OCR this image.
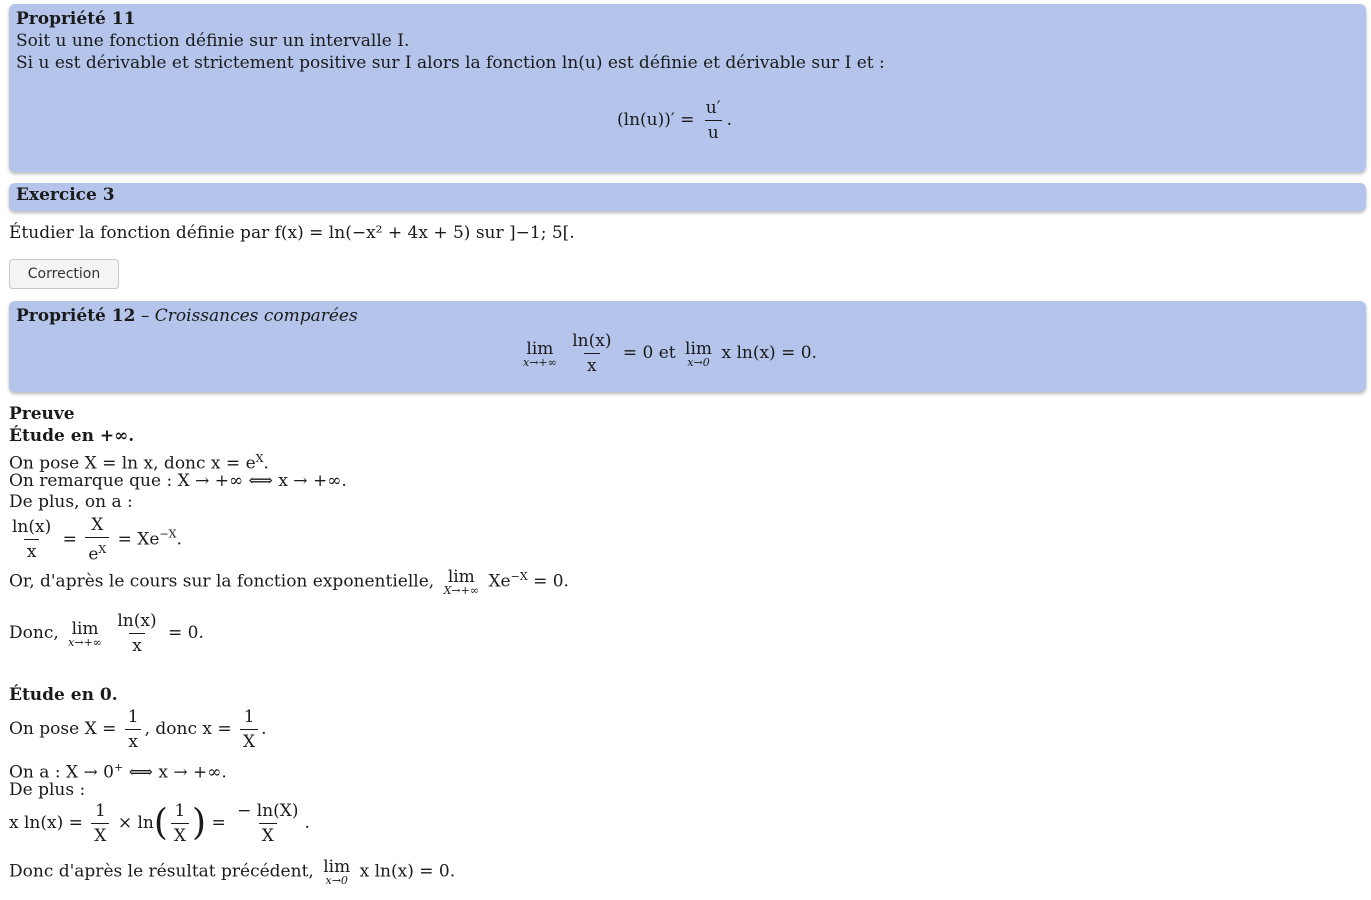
Propriété 11
Soit u une fonction définie sur un intervalle I.
Si u est dérivable et strictement positive sur I alors la fonction ln(u) est définie et dérivable sur I et :
$(\ln(u))' = \frac{u'}{u}$ .
Exercice 3
Étudier la fonction définie par f(x) = ln(−x² + 4x + 5) sur ]−1; 5[.
Correction
Propriété 12 – Croissances comparées
lim
x→+∞
$\frac{\ln(x)}{x} = 0$ et lim
x→0 x ln(x) = 0.
Preuve
Étude en +∞.
On pose X = ln x, donc $x = e^X$.
On remarque que : X → +∞ ⟺ x → +∞.
De plus, on a :
$\frac{\ln(x)}{x} = \frac{X}{e^X} = Xe^{-X}$.
Or, d'après le cours sur la fonction exponentielle, lim
X→+∞ $Xe^{-X} = 0$.
Donc, lim
x→+∞
$\frac{\ln(x)}{x} = 0$.
Étude en 0.
On pose $X = \frac{1}{x}$ , donc $x = \frac{1}{X}$ .
On a : X → 0+ ⟺ x → +∞.
De plus :
x $\ln(x) = \frac{1}{X} \times \ln( \frac{1}{X}$ ) = $\frac{- \ln(X)}{X}$ .
Donc d'après le résultat précédent, lim
x→0 x ln(x) = 0.
